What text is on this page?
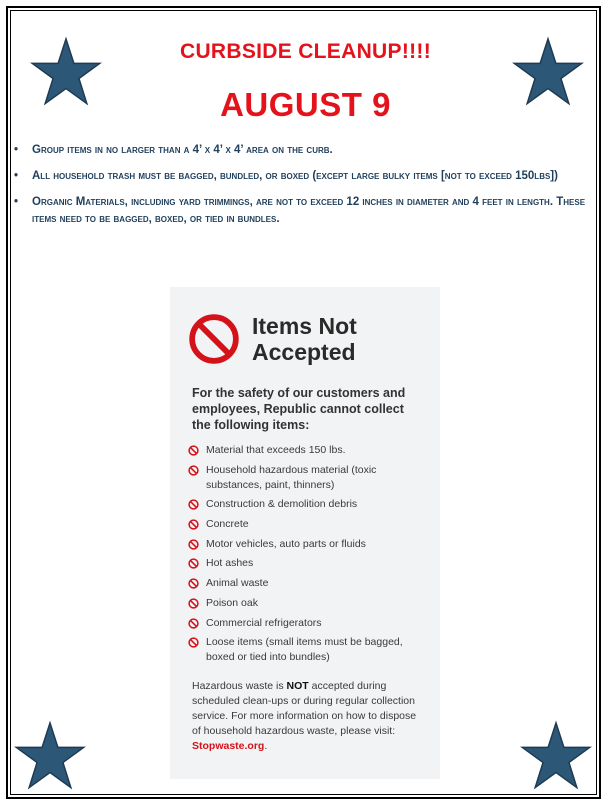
CURBSIDE CLEANUP!!!!
AUGUST 9
• Group items in no larger than a 4’ x 4’ x 4’ area on the curb.
• All household trash must be bagged, bundled, or boxed (except large bulky items [not to exceed 150lbs])
• Organic Materials, including yard trimmings, are not to exceed 12 inches in diameter and 4 feet in length. These items need to be bagged, boxed, or tied in bundles.
Items Not Accepted
For the safety of our customers and employees, Republic cannot collect the following items:
Material that exceeds 150 lbs.
Household hazardous material (toxic substances, paint, thinners)
Construction & demolition debris
Concrete
Motor vehicles, auto parts or fluids
Hot ashes
Animal waste
Poison oak
Commercial refrigerators
Loose items (small items must be bagged, boxed or tied into bundles)
Hazardous waste is NOT accepted during scheduled clean-ups or during regular collection service. For more information on how to dispose of household hazardous waste, please visit: Stopwaste.org.
